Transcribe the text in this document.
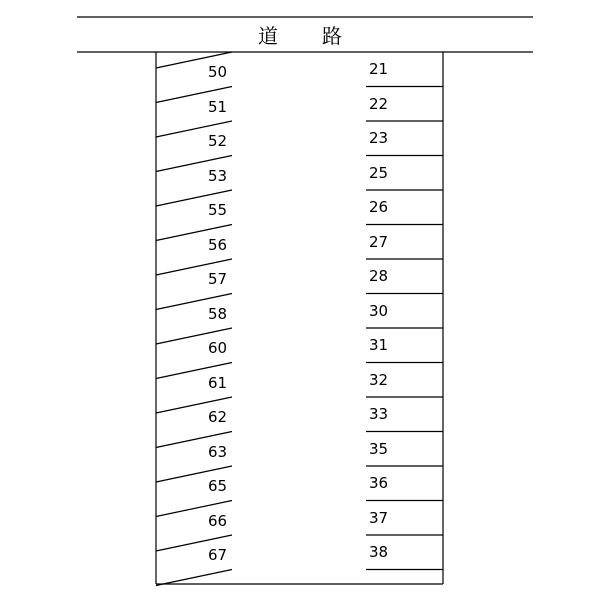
道　路
50
51
52
53
55
56
57
58
60
61
62
63
65
66
67
21
22
23
25
26
27
28
30
31
32
33
35
36
37
38
